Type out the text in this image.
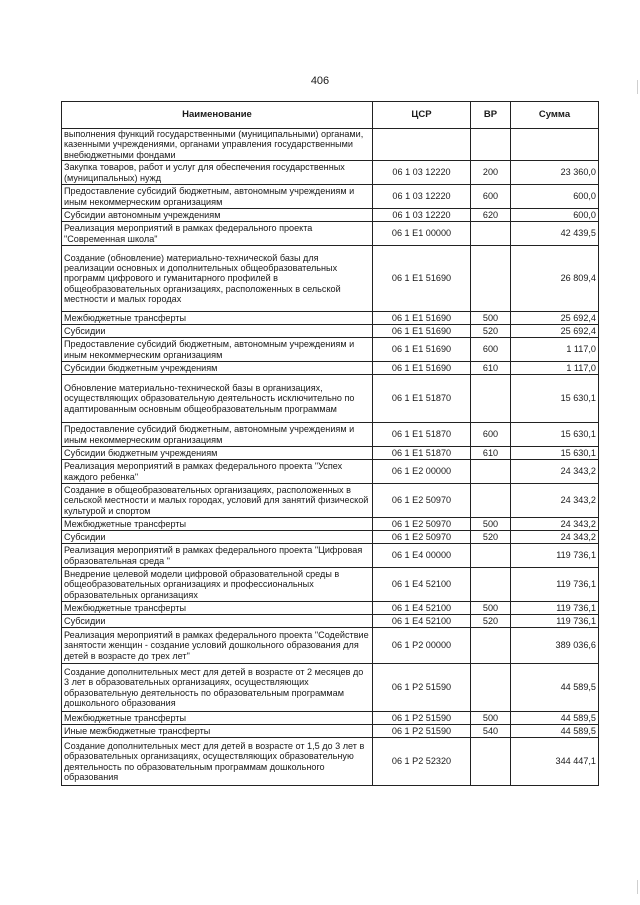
406
Наименование	ЦСР	ВР	Сумма
выполнения функций государственными (муниципальными) органами, казенными учреждениями, органами управления государственными внебюджетными фондами			
Закупка товаров, работ и услуг для обеспечения государственных (муниципальных) нужд	06 1 03 12220	200	23 360,0
Предоставление субсидий бюджетным, автономным учреждениям и иным некоммерческим организациям	06 1 03 12220	600	600,0
Субсидии автономным учреждениям	06 1 03 12220	620	600,0
Реализация мероприятий в рамках федерального проекта "Современная школа"	06 1 E1 00000		42 439,5
Создание (обновление) материально-технической базы для реализации основных и дополнительных общеобразовательных программ цифрового и гуманитарного профилей в общеобразовательных организациях, расположенных в сельской местности и малых городах	06 1 E1 51690		26 809,4
Межбюджетные трансферты	06 1 E1 51690	500	25 692,4
Субсидии	06 1 E1 51690	520	25 692,4
Предоставление субсидий бюджетным, автономным учреждениям и иным некоммерческим организациям	06 1 E1 51690	600	1 117,0
Субсидии бюджетным учреждениям	06 1 E1 51690	610	1 117,0
Обновление материально-технической базы в организациях, осуществляющих образовательную деятельность исключительно по адаптированным основным общеобразовательным программам	06 1 E1 51870		15 630,1
Предоставление субсидий бюджетным, автономным учреждениям и иным некоммерческим организациям	06 1 E1 51870	600	15 630,1
Субсидии бюджетным учреждениям	06 1 E1 51870	610	15 630,1
Реализация мероприятий в рамках федерального проекта "Успех каждого ребенка"	06 1 E2 00000		24 343,2
Создание в общеобразовательных организациях, расположенных в сельской местности и малых городах, условий для занятий физической культурой и спортом	06 1 E2 50970		24 343,2
Межбюджетные трансферты	06 1 E2 50970	500	24 343,2
Субсидии	06 1 E2 50970	520	24 343,2
Реализация мероприятий в рамках федерального проекта "Цифровая образовательная среда "	06 1 E4 00000		119 736,1
Внедрение целевой модели цифровой образовательной среды в общеобразовательных организациях и профессиональных образовательных организациях	06 1 E4 52100		119 736,1
Межбюджетные трансферты	06 1 E4 52100	500	119 736,1
Субсидии	06 1 E4 52100	520	119 736,1
Реализация мероприятий в рамках федерального проекта "Содействие занятости женщин - создание условий дошкольного образования для детей в возрасте до трех лет"	06 1 P2 00000		389 036,6
Создание дополнительных мест для детей в возрасте от 2 месяцев до 3 лет в образовательных организациях, осуществляющих образовательную деятельность по образовательным программам дошкольного образования	06 1 P2 51590		44 589,5
Межбюджетные трансферты	06 1 P2 51590	500	44 589,5
Иные межбюджетные трансферты	06 1 P2 51590	540	44 589,5
Создание дополнительных мест для детей в возрасте от 1,5 до 3 лет в образовательных организациях, осуществляющих образовательную деятельность по образовательным программам дошкольного образования	06 1 P2 52320		344 447,1
